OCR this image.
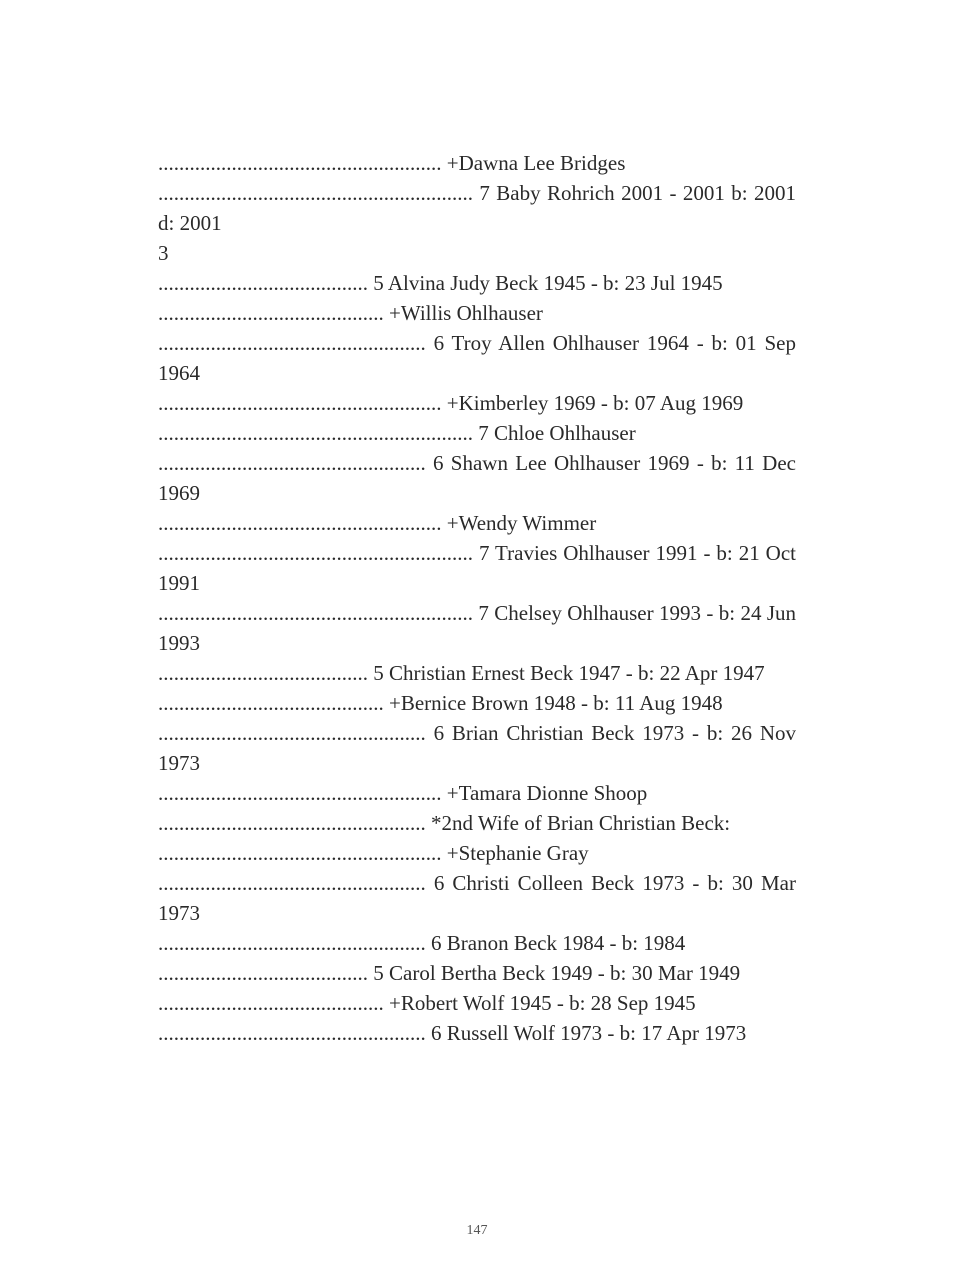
...................................................... +Dawna Lee Bridges

............................................................ 7 Baby Rohrich 2001 - 2001 b: 2001 d: 2001

3

........................................ 5 Alvina Judy Beck 1945 - b: 23 Jul 1945

........................................... +Willis Ohlhauser

................................................... 6 Troy Allen Ohlhauser 1964 - b: 01 Sep 1964

...................................................... +Kimberley 1969 - b: 07 Aug 1969

............................................................ 7 Chloe Ohlhauser

................................................... 6 Shawn Lee Ohlhauser 1969 - b: 11 Dec 1969

...................................................... +Wendy Wimmer

............................................................ 7 Travies Ohlhauser 1991 - b: 21 Oct 1991

............................................................ 7 Chelsey Ohlhauser 1993 - b: 24 Jun 1993

........................................ 5 Christian Ernest Beck 1947 - b: 22 Apr 1947

........................................... +Bernice Brown 1948 - b: 11 Aug 1948

................................................... 6 Brian Christian Beck 1973 - b: 26 Nov 1973

...................................................... +Tamara Dionne Shoop

................................................... *2nd Wife of Brian Christian Beck:

...................................................... +Stephanie Gray

................................................... 6 Christi Colleen Beck 1973 - b: 30 Mar 1973

................................................... 6 Branon Beck 1984 - b: 1984

........................................ 5 Carol Bertha Beck 1949 - b: 30 Mar 1949

........................................... +Robert Wolf 1945 - b: 28 Sep 1945

................................................... 6 Russell Wolf 1973 - b: 17 Apr 1973

147
